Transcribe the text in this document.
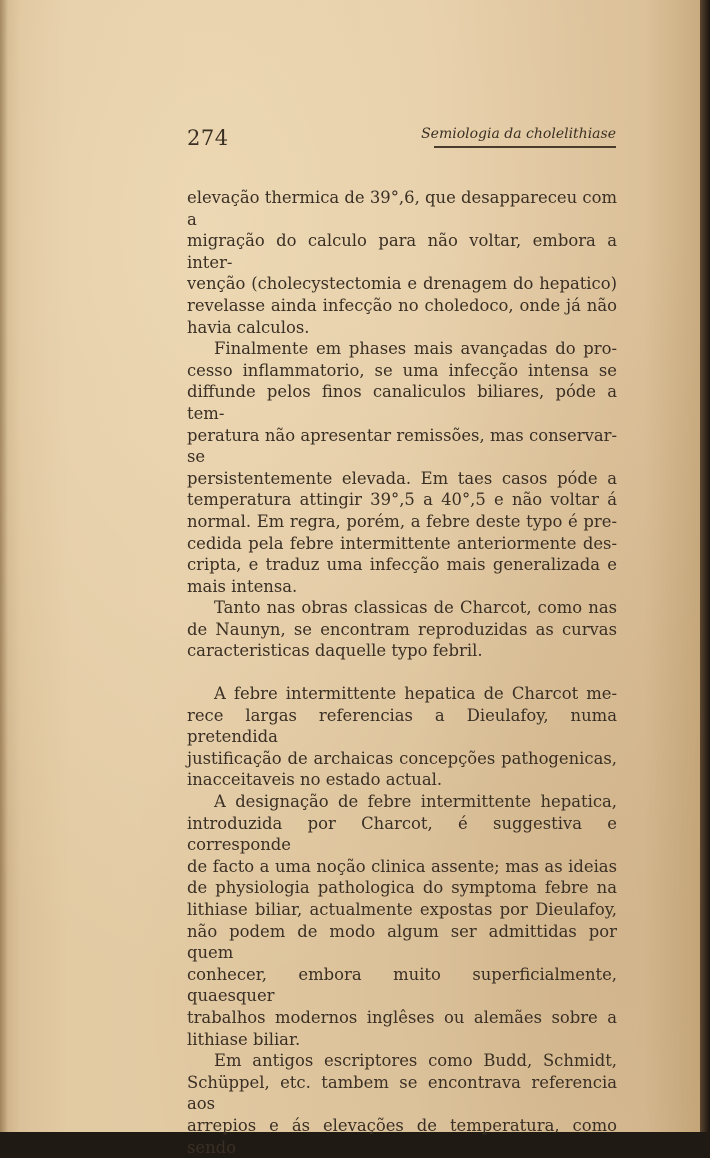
274	Semiologia da cholelithiase

elevação thermica de 39°,6, que desappareceu com a

migração do calculo para não voltar, embora a inter-

venção (cholecystectomia e drenagem do hepatico)

revelasse ainda infecção no choledoco, onde já não

havia calculos.

Finalmente em phases mais avançadas do pro-

cesso inflammatorio, se uma infecção intensa se

diffunde pelos finos canaliculos biliares, póde a tem-

peratura não apresentar remissões, mas conservar-se

persistentemente elevada. Em taes casos póde a

temperatura attingir 39°,5 a 40°,5 e não voltar á

normal. Em regra, porém, a febre deste typo é pre-

cedida pela febre intermittente anteriormente des-

cripta, e traduz uma infecção mais generalizada e

mais intensa.

Tanto nas obras classicas de Charcot, como nas

de Naunyn, se encontram reproduzidas as curvas

caracteristicas daquelle typo febril.

A febre intermittente hepatica de Charcot me-

rece largas referencias a Dieulafoy, numa pretendida

justificação de archaicas concepções pathogenicas,

inacceitaveis no estado actual.

A designação de febre intermittente hepatica,

introduzida por Charcot, é suggestiva e corresponde

de facto a uma noção clinica assente; mas as ideias

de physiologia pathologica do symptoma febre na

lithiase biliar, actualmente expostas por Dieulafoy,

não podem de modo algum ser admittidas por quem

conhecer, embora muito superficialmente, quaesquer

trabalhos modernos inglêses ou alemães sobre a

lithiase biliar.

Em antigos escriptores como Budd, Schmidt,

Schüppel, etc. tambem se encontrava referencia aos

arrepios e ás elevações de temperatura, como sendo
